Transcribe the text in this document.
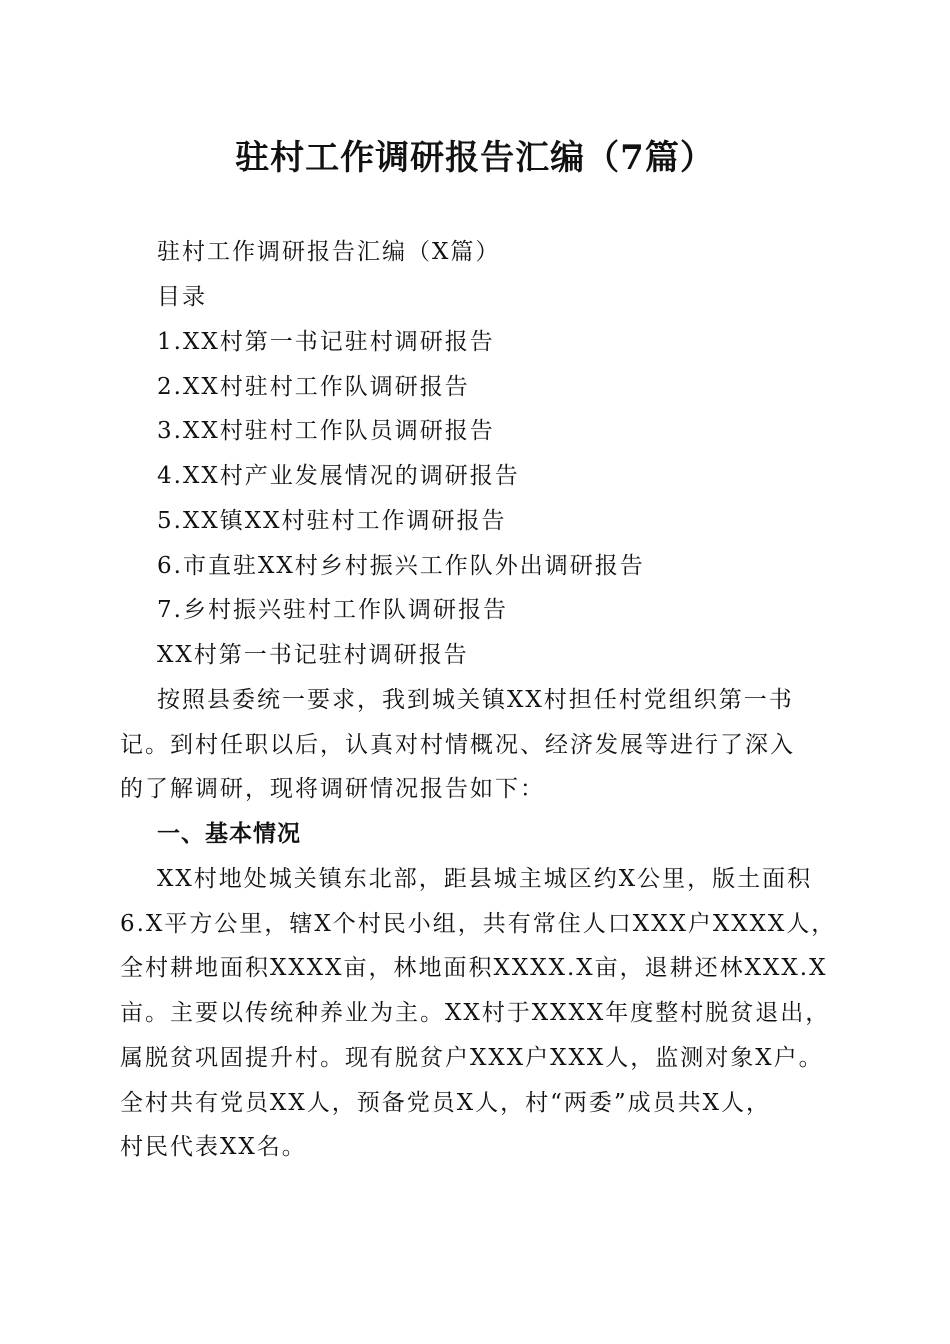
驻村工作调研报告汇编（7篇）
驻村工作调研报告汇编（X篇）
目录
1.XX村第一书记驻村调研报告
2.XX村驻村工作队调研报告
3.XX村驻村工作队员调研报告
4.XX村产业发展情况的调研报告
5.XX镇XX村驻村工作调研报告
6.市直驻XX村乡村振兴工作队外出调研报告
7.乡村振兴驻村工作队调研报告
XX村第一书记驻村调研报告
按照县委统一要求，我到城关镇XX村担任村党组织第一书
记。到村任职以后，认真对村情概况、经济发展等进行了深入
的了解调研，现将调研情况报告如下：
一、基本情况
XX村地处城关镇东北部，距县城主城区约X公里，版土面积
6.X平方公里，辖X个村民小组，共有常住人口XXX户XXXX人，
全村耕地面积XXXX亩，林地面积XXXX.X亩，退耕还林XXX.X
亩。主要以传统种养业为主。XX村于XXXX年度整村脱贫退出，
属脱贫巩固提升村。现有脱贫户XXX户XXX人，监测对象X户。
全村共有党员XX人，预备党员X人，村“两委”成员共X人，
村民代表XX名。
